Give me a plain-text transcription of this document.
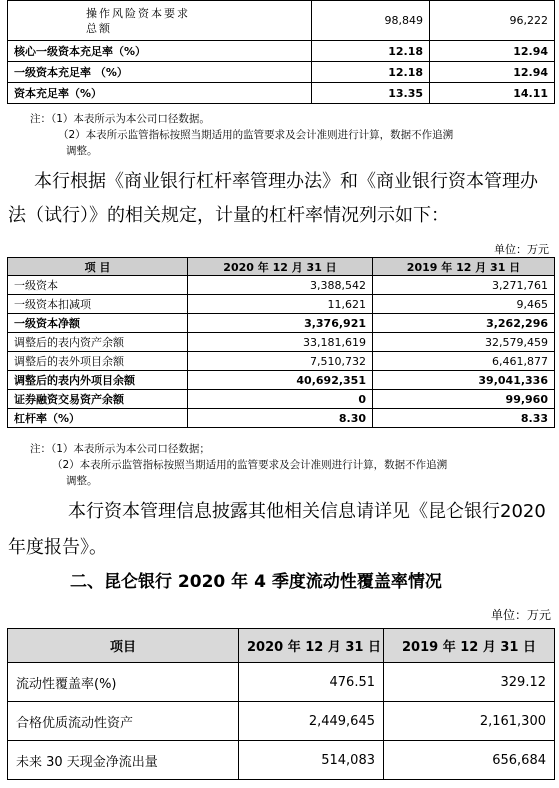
操作风险资本要求总额	98,849	96,222
核心一级资本充足率（%）	12.18	12.94
一级资本充足率 （%）	12.18	12.94
资本充足率（%）	13.35	14.11
注：（1）本表所示为本公司口径数据。
（2）本表所示监管指标按照当期适用的监管要求及会计准则进行计算，数据不作追溯
调整。
本行根据《商业银行杠杆率管理办法》和《商业银行资本管理办法（试行）》的相关规定，计量的杠杆率情况列示如下：
单位：万元
项 目	2020 年 12 月 31 日	2019 年 12 月 31 日
一级资本	3,388,542	3,271,761
一级资本扣减项	11,621	9,465
一级资本净额	3,376,921	3,262,296
调整后的表内资产余额	33,181,619	32,579,459
调整后的表外项目余额	7,510,732	6,461,877
调整后的表内外项目余额	40,692,351	39,041,336
证券融资交易资产余额	0	99,960
杠杆率（%）	8.30	8.33
注：（1）本表所示为本公司口径数据；
（2）本表所示监管指标按照当期适用的监管要求及会计准则进行计算，数据不作追溯
调整。
本行资本管理信息披露其他相关信息请详见《昆仑银行2020 年度报告》。
二、昆仑银行 2020 年 4 季度流动性覆盖率情况
单位：万元
项目	2020 年 12 月 31 日	2019 年 12 月 31 日
流动性覆盖率(%)	476.51	329.12
合格优质流动性资产	2,449,645	2,161,300
未来 30 天现金净流出量	514,083	656,684
